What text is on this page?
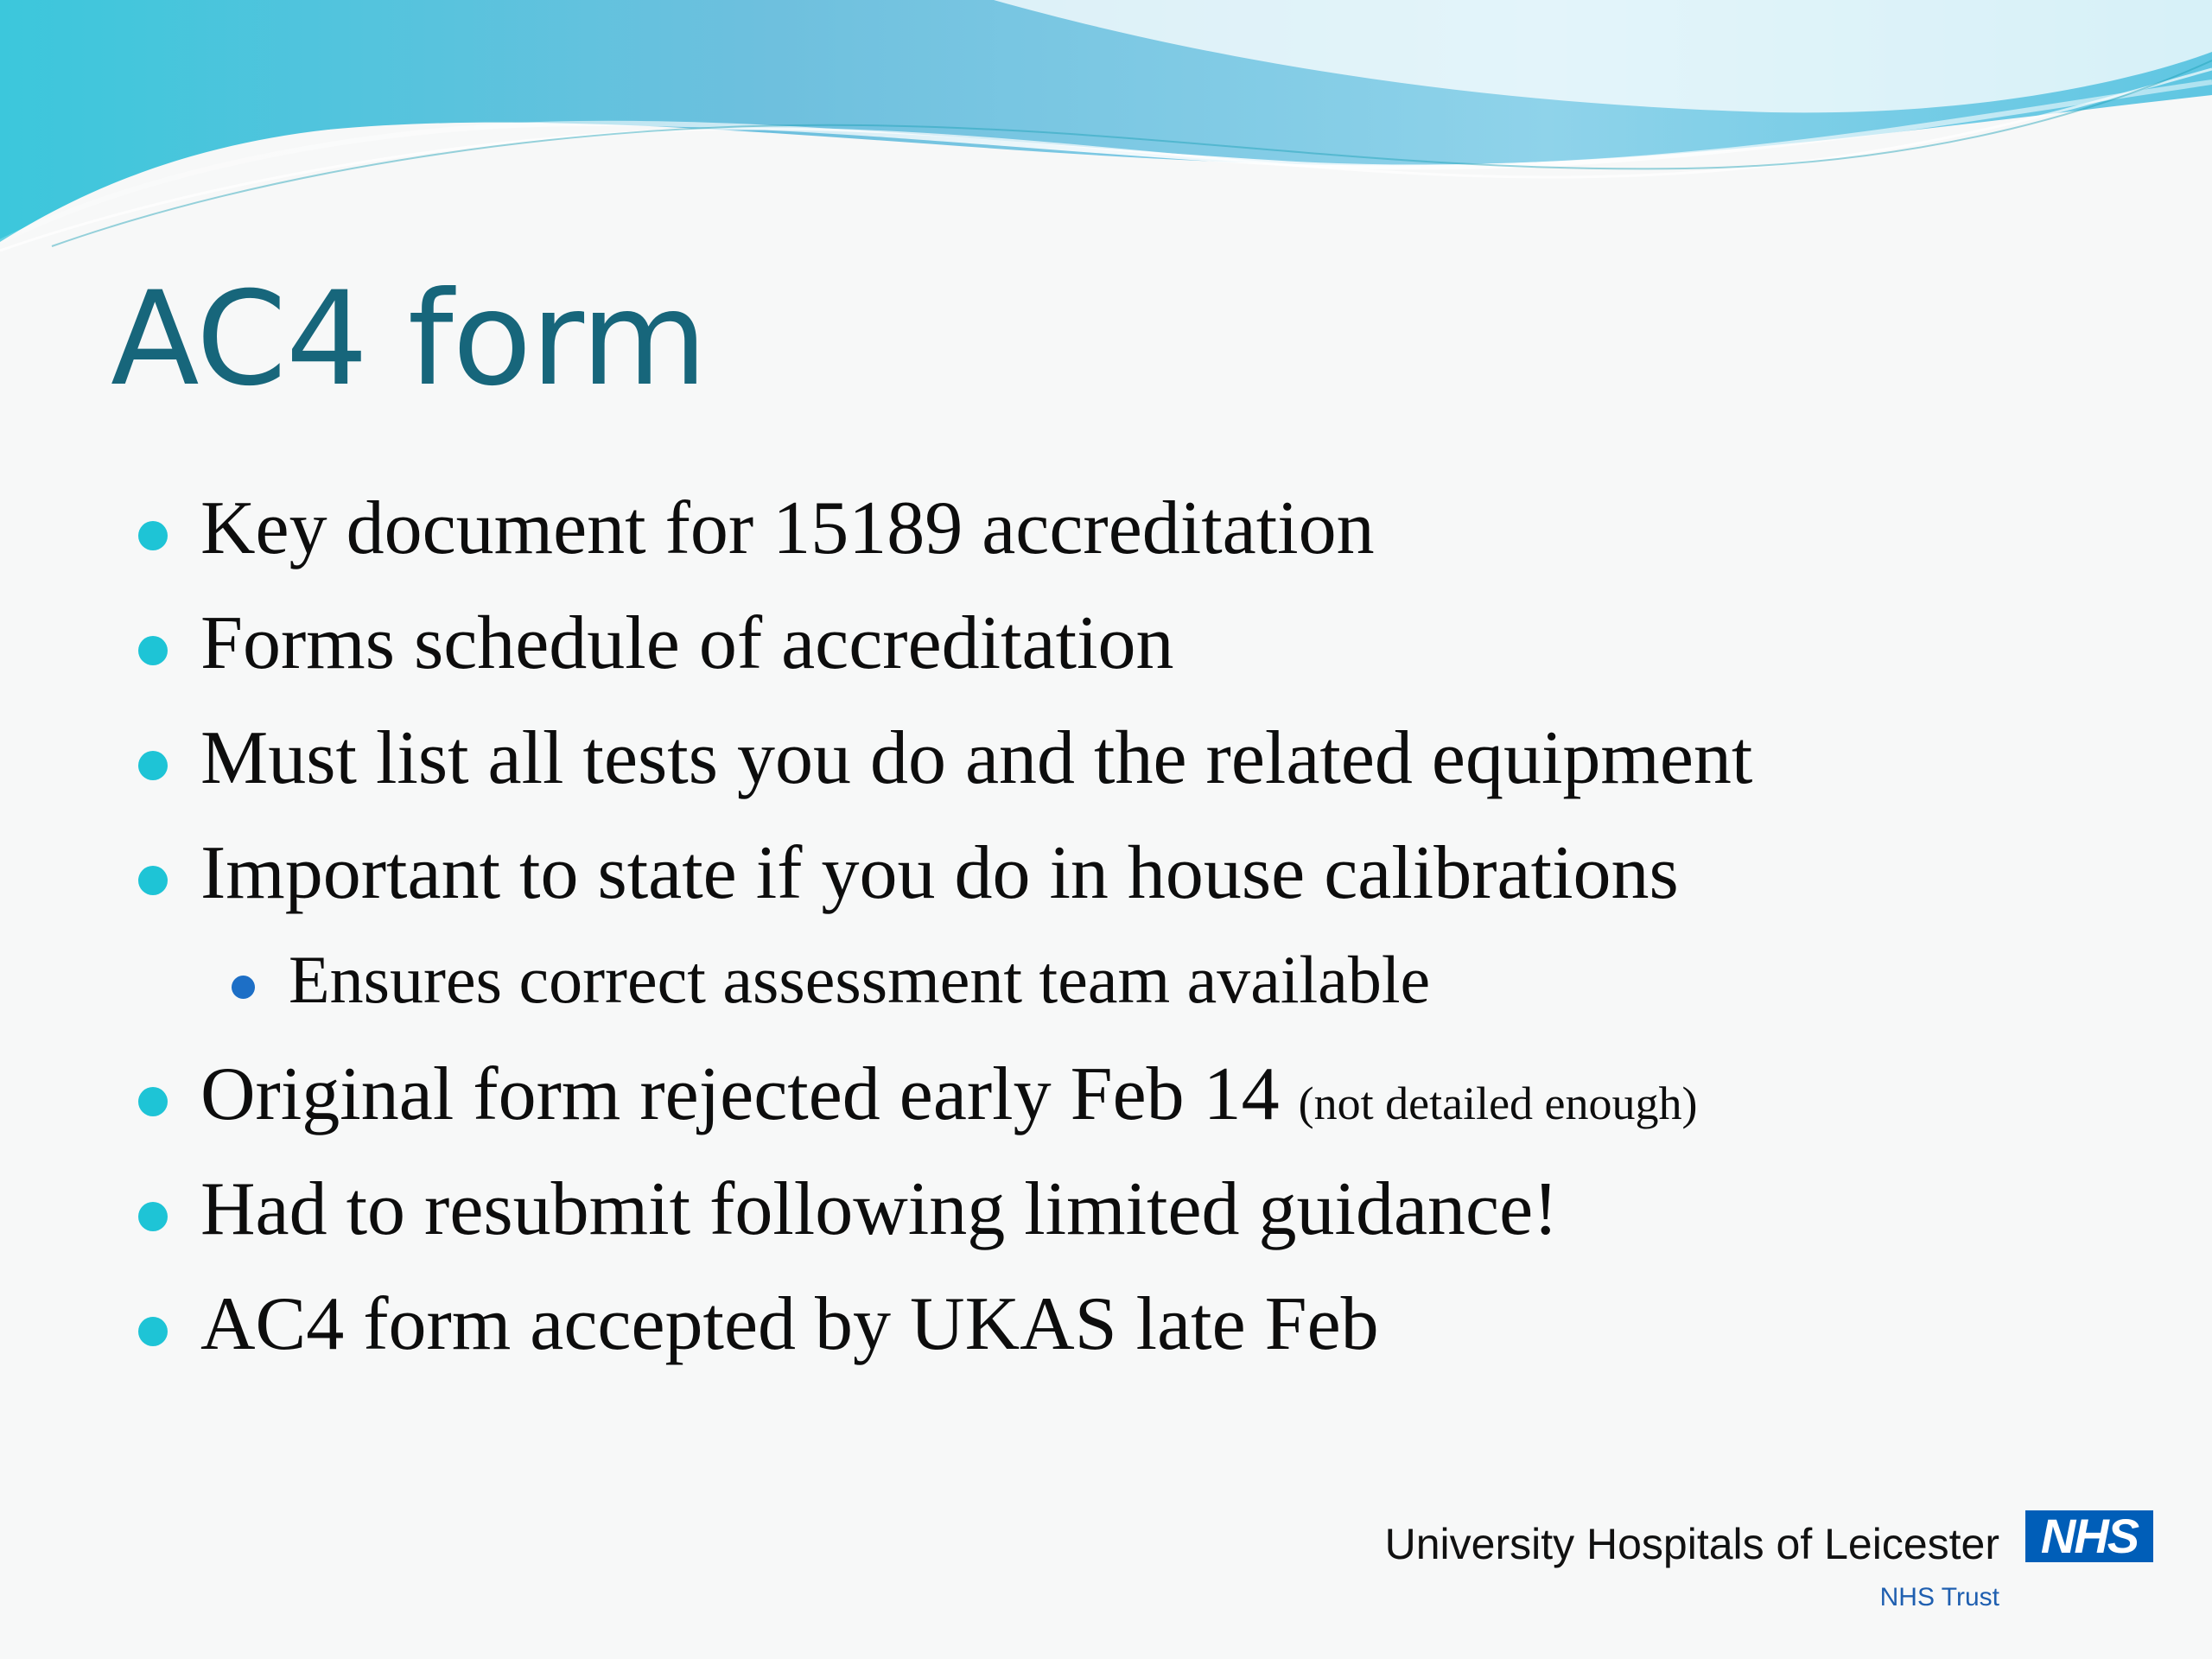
AC4 form
Key document for 15189 accreditation
Forms schedule of accreditation
Must list all tests you do and the related equipment
Important to state if you do in house calibrations
Ensures correct assessment team available
Original form rejected early Feb 14 (not detailed enough)
Had to resubmit following limited guidance!
AC4 form accepted by UKAS late Feb
University Hospitals of Leicester NHS
NHS Trust
